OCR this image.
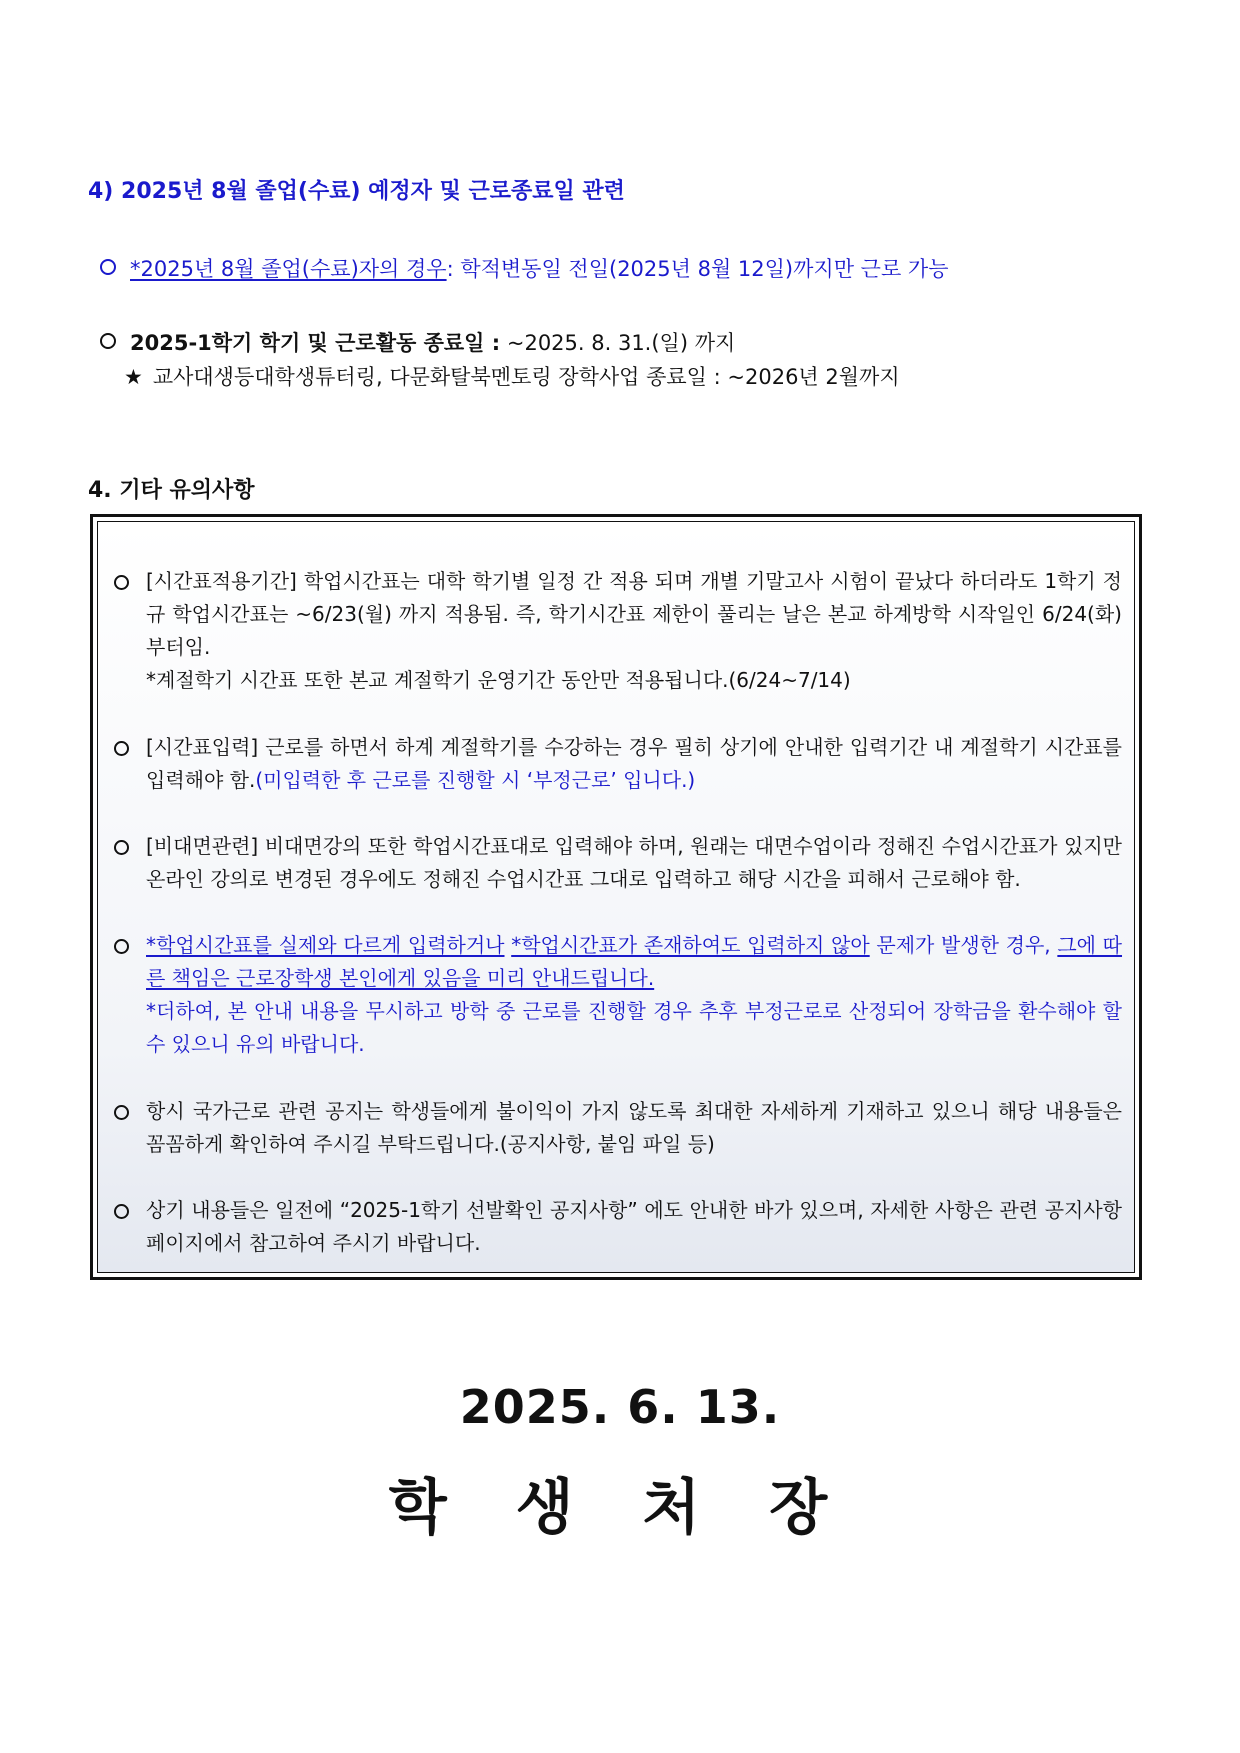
4) 2025년 8월 졸업(수료) 예정자 및 근로종료일 관련
*2025년 8월 졸업(수료)자의 경우: 학적변동일 전일(2025년 8월 12일)까지만 근로 가능
2025-1학기 학기 및 근로활동 종료일 : ~2025. 8. 31.(일) 까지
★ 교사대생등대학생튜터링, 다문화탈북멘토링 장학사업 종료일 : ~2026년 2월까지
4. 기타 유의사항

[시간표적용기간] 학업시간표는 대학 학기별 일정 간 적용 되며 개별 기말고사 시험이 끝났다 하더라도 1학기 정규 학업시간표는 ~6/23(월) 까지 적용됨. 즉, 학기시간표 제한이 풀리는 날은 본교 하계방학 시작일인 6/24(화)부터임.

*계절학기 시간표 또한 본교 계절학기 운영기간 동안만 적용됩니다.(6/24~7/14)

[시간표입력] 근로를 하면서 하계 계절학기를 수강하는 경우 필히 상기에 안내한 입력기간 내 계절학기 시간표를 입력해야 함.(미입력한 후 근로를 진행할 시 ‘부정근로’ 입니다.)

[비대면관련] 비대면강의 또한 학업시간표대로 입력해야 하며, 원래는 대면수업이라 정해진 수업시간표가 있지만 온라인 강의로 변경된 경우에도 정해진 수업시간표 그대로 입력하고 해당 시간을 피해서 근로해야 함.

*학업시간표를 실제와 다르게 입력하거나 *학업시간표가 존재하여도 입력하지 않아 문제가 발생한 경우, 그에 따른 책임은 근로장학생 본인에게 있음을 미리 안내드립니다.

*더하여, 본 안내 내용을 무시하고 방학 중 근로를 진행할 경우 추후 부정근로로 산정되어 장학금을 환수해야 할 수 있으니 유의 바랍니다.

항시 국가근로 관련 공지는 학생들에게 불이익이 가지 않도록 최대한 자세하게 기재하고 있으니 해당 내용들은 꼼꼼하게 확인하여 주시길 부탁드립니다.(공지사항, 붙임 파일 등)

상기 내용들은 일전에 “2025-1학기 선발확인 공지사항” 에도 안내한 바가 있으며, 자세한 사항은 관련 공지사항 페이지에서 참고하여 주시기 바랍니다.

2025. 6. 13.
학 생 처 장
